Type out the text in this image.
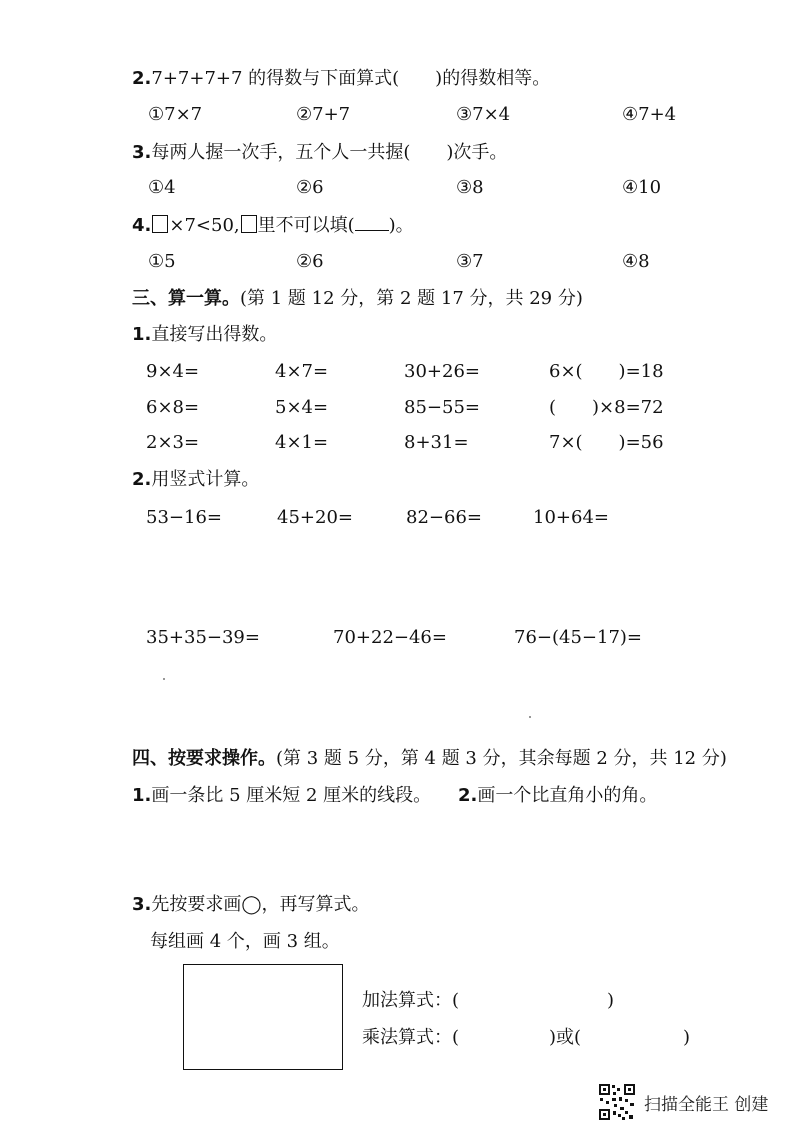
2.7+7+7+7 的得数与下面算式(　　)的得数相等。
①7×7	②7+7	③7×4	④7+4
3.每两人握一次手，五个人一共握(　　)次手。
①4	②6	③8	④10
4. ×7<50, 里不可以填( )。
①5	②6	③7	④8
三、算一算。(第 1 题 12 分，第 2 题 17 分，共 29 分)
1.直接写出得数。
9×4=	4×7=	30+26=	6×(　　)=18
6×8=	5×4=	85−55=	(　　)×8=72
2×3=	4×1=	8+31=	7×(　　)=56
2.用竖式计算。
53−16=	45+20=	82−66=	10+64=
35+35−39=	70+22−46=	76−(45−17)=
四、按要求操作。(第 3 题 5 分，第 4 题 3 分，其余每题 2 分，共 12 分)
1.画一条比 5 厘米短 2 厘米的线段。 2.画一个比直角小的角。
3.先按要求画◯，再写算式。
每组画 4 个，画 3 组。
加法算式：(	)
乘法算式：(	)或(	)
扫描全能王 创建
